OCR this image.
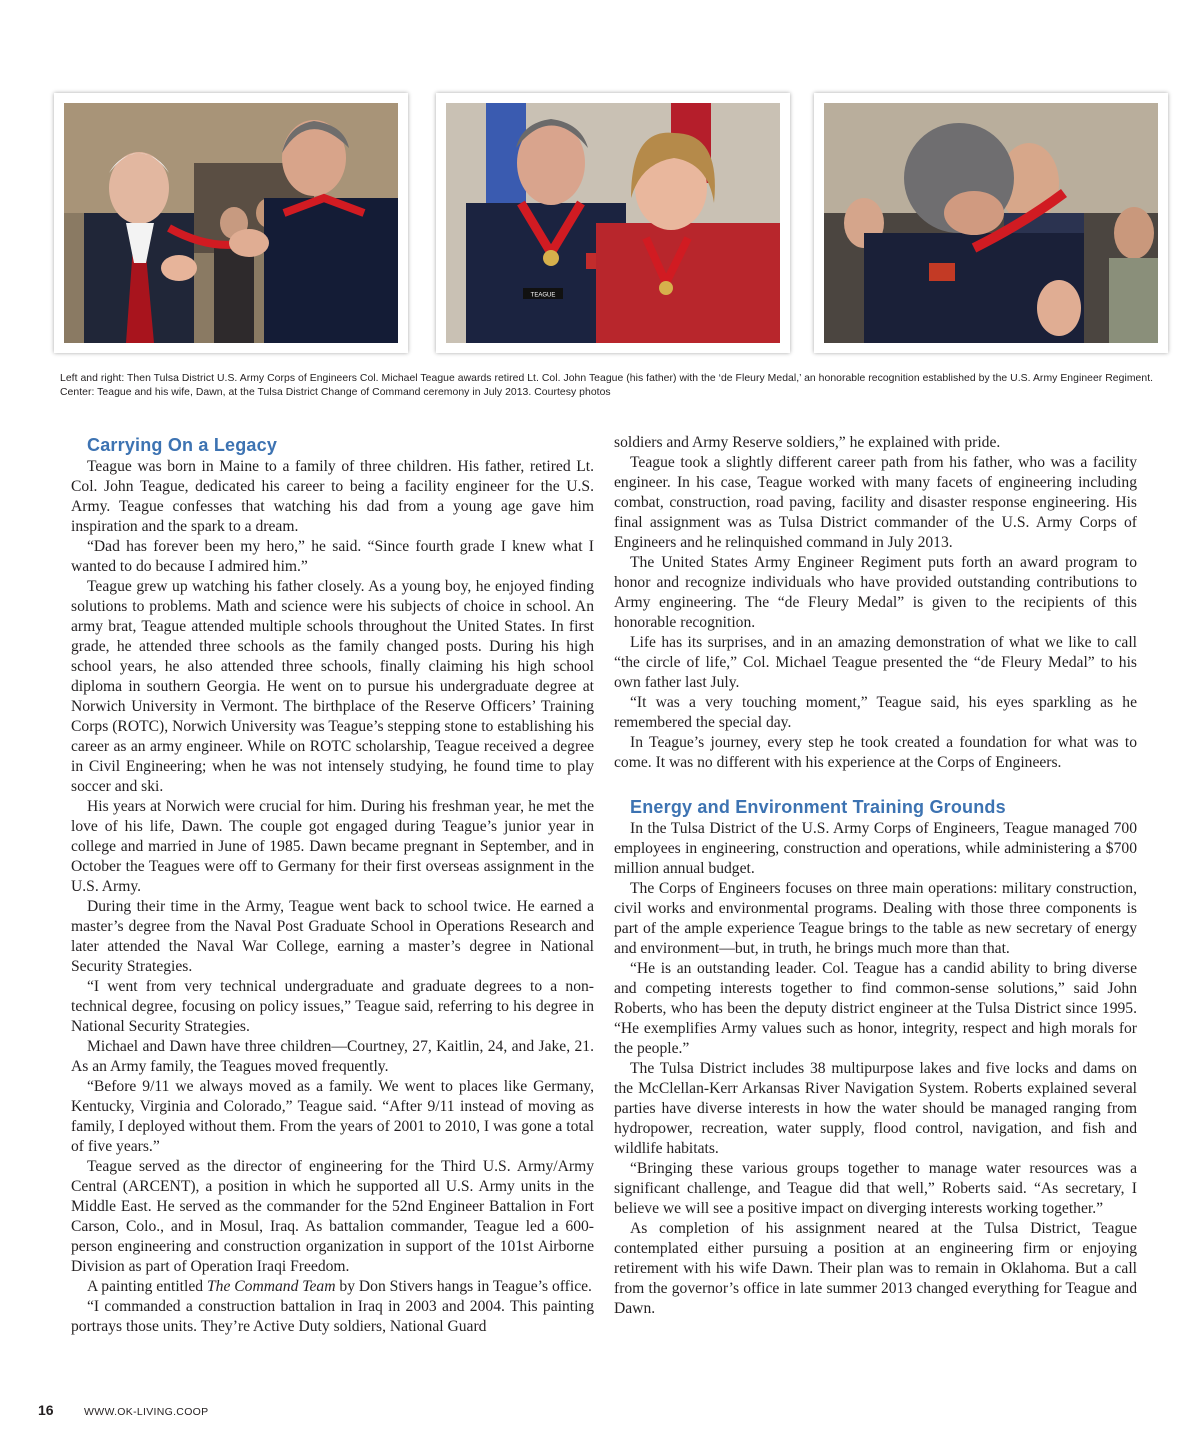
TEAGUE
Left and right: Then Tulsa District U.S. Army Corps of Engineers Col. Michael Teague awards retired Lt. Col. John Teague (his father) with the ‘de Fleury Medal,’ an honorable recognition established by the U.S. Army Engineer Regiment. Center: Teague and his wife, Dawn, at the Tulsa District Change of Command ceremony in July 2013. Courtesy photos
Carrying On a Legacy

Teague was born in Maine to a family of three children. His father, retired Lt. Col. John Teague, dedicated his career to being a facility engineer for the U.S. Army. Teague confesses that watching his dad from a young age gave him inspiration and the spark to a dream.

“Dad has forever been my hero,” he said. “Since fourth grade I knew what I wanted to do because I admired him.”

Teague grew up watching his father closely. As a young boy, he enjoyed finding solutions to problems. Math and science were his subjects of choice in school. An army brat, Teague attended multiple schools throughout the United States. In first grade, he attended three schools as the family changed posts. During his high school years, he also attended three schools, finally claiming his high school diploma in southern Georgia. He went on to pursue his undergraduate degree at Norwich University in Vermont. The birthplace of the Reserve Officers’ Training Corps (ROTC), Norwich University was Teague’s stepping stone to establishing his career as an army engineer. While on ROTC scholarship, Teague received a degree in Civil Engineering; when he was not intensely studying, he found time to play soccer and ski.

His years at Norwich were crucial for him. During his freshman year, he met the love of his life, Dawn. The couple got engaged during Teague’s junior year in college and married in June of 1985. Dawn became pregnant in September, and in October the Teagues were off to Germany for their first overseas assignment in the U.S. Army.

During their time in the Army, Teague went back to school twice. He earned a master’s degree from the Naval Post Graduate School in Operations Research and later attended the Naval War College, earning a master’s degree in National Security Strategies.

“I went from very technical undergraduate and graduate degrees to a non-technical degree, focusing on policy issues,” Teague said, referring to his degree in National Security Strategies.

Michael and Dawn have three children—Courtney, 27, Kaitlin, 24, and Jake, 21. As an Army family, the Teagues moved frequently.

“Before 9/11 we always moved as a family. We went to places like Germany, Kentucky, Virginia and Colorado,” Teague said. “After 9/11 instead of moving as family, I deployed without them. From the years of 2001 to 2010, I was gone a total of five years.”

Teague served as the director of engineering for the Third U.S. Army/Army Central (ARCENT), a position in which he supported all U.S. Army units in the Middle East. He served as the commander for the 52nd Engineer Battalion in Fort Carson, Colo., and in Mosul, Iraq. As battalion commander, Teague led a 600-person engineering and construction organization in support of the 101st Airborne Division as part of Operation Iraqi Freedom.

A painting entitled The Command Team by Don Stivers hangs in Teague’s office.

“I commanded a construction battalion in Iraq in 2003 and 2004. This painting portrays those units. They’re Active Duty soldiers, National Guard

soldiers and Army Reserve soldiers,” he explained with pride.

Teague took a slightly different career path from his father, who was a facility engineer. In his case, Teague worked with many facets of engineering including combat, construction, road paving, facility and disaster response engineering. His final assignment was as Tulsa District commander of the U.S. Army Corps of Engineers and he relinquished command in July 2013.

The United States Army Engineer Regiment puts forth an award program to honor and recognize individuals who have provided outstanding contributions to Army engineering. The “de Fleury Medal” is given to the recipients of this honorable recognition.

Life has its surprises, and in an amazing demonstration of what we like to call “the circle of life,” Col. Michael Teague presented the “de Fleury Medal” to his own father last July.

“It was a very touching moment,” Teague said, his eyes sparkling as he remembered the special day.

In Teague’s journey, every step he took created a foundation for what was to come. It was no different with his experience at the Corps of Engineers.

Energy and Environment Training Grounds

In the Tulsa District of the U.S. Army Corps of Engineers, Teague managed 700 employees in engineering, construction and operations, while administering a $700 million annual budget.

The Corps of Engineers focuses on three main operations: military construction, civil works and environmental programs. Dealing with those three components is part of the ample experience Teague brings to the table as new secretary of energy and environment—but, in truth, he brings much more than that.

“He is an outstanding leader. Col. Teague has a candid ability to bring diverse and competing interests together to find common-sense solutions,” said John Roberts, who has been the deputy district engineer at the Tulsa District since 1995. “He exemplifies Army values such as honor, integrity, respect and high morals for the people.”

The Tulsa District includes 38 multipurpose lakes and five locks and dams on the McClellan-Kerr Arkansas River Navigation System. Roberts explained several parties have diverse interests in how the water should be managed ranging from hydropower, recreation, water supply, flood control, navigation, and fish and wildlife habitats.

“Bringing these various groups together to manage water resources was a significant challenge, and Teague did that well,” Roberts said. “As secretary, I believe we will see a positive impact on diverging interests working together.”

As completion of his assignment neared at the Tulsa District, Teague contemplated either pursuing a position at an engineering firm or enjoying retirement with his wife Dawn. Their plan was to remain in Oklahoma. But a call from the governor’s office in late summer 2013 changed everything for Teague and Dawn.

16	WWW.OK-LIVING.COOP
